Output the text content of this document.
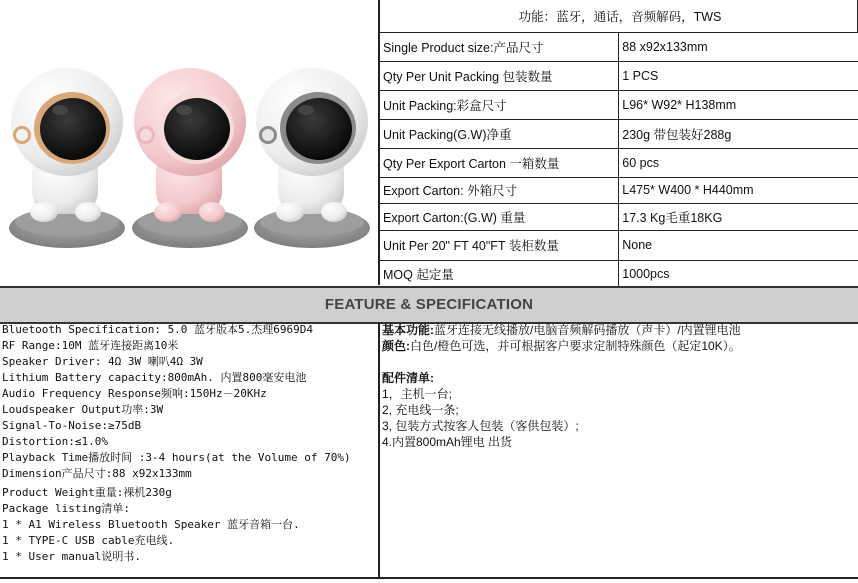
功能：蓝牙，通话，音频解码，TWS	
Single Product size:产品尺寸	88 x92x133mm
Qty Per Unit Packing 包装数量	1 PCS
Unit Packing:彩盒尺寸	L96* W92* H138mm
Unit Packing(G.W)净重	230g 带包装好288g
Qty Per Export Carton 一箱数量	60 pcs
Export Carton: 外箱尺寸	L475* W400 * H440mm
Export Carton:(G.W) 重量	17.3 Kg毛重18KG
Unit Per 20" FT 40"FT 装柜数量	None
MOQ 起定量	1000pcs
FEATURE & SPECIFICATION
Bluetooth Specification: 5.0 蓝牙版本5.杰理6969D4
RF Range:10M 蓝牙连接距离10米
Speaker Driver: 4Ω 3W 喇叭4Ω 3W
Lithium Battery capacity:800mAh. 内置800毫安电池
Audio Frequency Response频响:150Hz－20KHz
Loudspeaker Output功率:3W
Signal-To-Noise:≥75dB
Distortion:≤1.0%
Playback Time播放时间 :3-4 hours(at the Volume of 70%)
Dimension产品尺寸:88 x92x133mm
Product Weight重量:裸机230g
Package listing清单:
1 * A1 Wireless Bluetooth Speaker 蓝牙音箱一台.
1 * TYPE-C USB cable充电线.
1 * User manual说明书.
基本功能:蓝牙连接无线播放/电脑音频解码播放（声卡）/内置锂电池
颜色:白色/橙色可选，并可根据客户要求定制特殊颜色（起定10K）。
配件清单:
1，主机一台;
2, 充电线一条;
3, 包装方式按客人包装（客供包装）;
4.内置800mAh锂电 出货
